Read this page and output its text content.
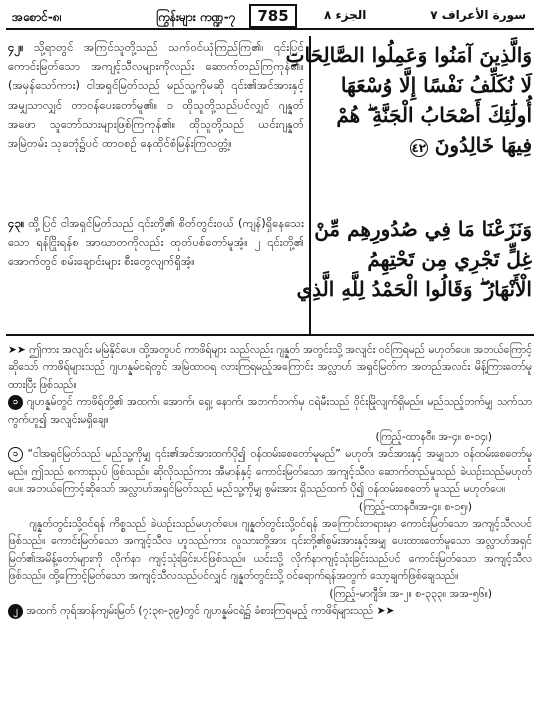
အစောင်-၈၊	ကြွန်းများ ကဏ္ဍ-၇	785	الجزء ٨	سورة الأعراف ٧
၄၂။ သို့ရာတွင် အကြင်သူတို့သည် သက်ဝင်ယုံကြည်ကြ၏၊ ၎င်းပြင် ကောင်းမြတ်သော အကျင့်သီလများကိုလည်း ဆောက်တည်ကြကုန်၏။ (အမှန်သော်ကား) ငါအရှင်မြတ်သည် မည်သူ့ကိုမဆို ၎င်း၏အင်အားနှင့်အမျှသာလျှင် တာဝန်ပေးတော်မူ၏။ ၁ ထိုသူတို့သည်ပင်လျှင် ဂျန္နတ်အဖော သူဘော်သားများဖြစ်ကြကုန်၏။ ထိုသူတို့သည် ယင်းဂျန္နတ်အမြဲတမ်း သုခဘုံ၌ပင် ထာဝစဉ် နေထိုင်စံမြန်းကြလတ္တံ့။
၄၃။ ထို့ပြင် ငါအရှင်မြတ်သည် ၎င်းတို့၏ စိတ်တွင်းဝယ် (ကျန်)ရှိနေသေးသော ရန်ငြိုးရန်စ အာဃာတကိုလည်း ထုတ်ပစ်တော်မူအံ့။ ၂ ၎င်းတို့၏ အောက်တွင် စမ်းချောင်းများ စီးတွေလျက်ရှိအံ့။
وَالَّذِينَ آمَنُوا وَعَمِلُوا الصَّالِحَاتِ
لَا نُكَلِّفُ نَفْسًا إِلَّا وُسْعَهَا
أُولَٰئِكَ أَصْحَابُ الْجَنَّةِ ۖ هُمْ
فِيهَا خَالِدُونَ ٤٢
وَنَزَعْنَا مَا فِي صُدُورِهِم مِّنْ
غِلٍّ تَجْرِي مِن تَحْتِهِمُ
الْأَنْهَارُ ۖ وَقَالُوا الْحَمْدُ لِلَّهِ الَّذِي

➤➤ ဤကား အလျင်း မမြဲနိုင်ပေ။ ထို့အတူပင် ကာဖိရ်များ သည်လည်း ဂျန္နတ် အတွင်းသို့ အလျင်း ဝင်ကြရမည် မဟုတ်ပေ။ အဘယ်ကြောင့်ဆိုသော် ကာဖိရ်များသည် ဂျဟန္နမ်ငရဲတွင် အမြဲထာဝရ လားကြရမည့်အကြောင်း အလ္လာဟ် အရှင်မြတ်က အတည်အလင်း မိန့်ကြားတော်မူထားပြီး ဖြစ်သည်။

၁ ဂျဟန္နမ်တွင် ကာဖိရ်တို့၏ အထက်၊ အောက်၊ ရှေ့၊ နောက်၊ အဘက်ဘက်မှ ငရဲမီးသည် ဝိုင်းမြိုလျက်ရှိမည်။ မည်သည့်ဘက်မျှ သက်သာကွက်ဟူ၍ အလျင်းမရှိချေ။

(ကြည့်-ထာနဝီ။ အ-၄။ စ-၁၄၊)

၁ “ငါအရှင်မြတ်သည် မည်သူ့ကိုမျှ ၎င်း၏အင်အားထက်ပို၍ ဝန်ထမ်းစေတော်မူမည်” မဟုတ်၊ အင်အားနှင့် အမျှသာ ဝန်ထမ်းစေတော်မူမည်။ ဤသည် စကားညှပ် ဖြစ်သည်။ ဆိုလိုသည်ကား အီမာန်နှင့် ကောင်းမြတ်သော အကျင့်သီလ ဆောက်တည်မှုသည် ခဲယဉ်းသည်မဟုတ်ပေ။ အဘယ်ကြောင့်ဆိုသော် အလ္လာဟ်အရှင်မြတ်သည် မည်သူ့ကိုမျှ စွမ်းအား ရှိသည်ထက် ပို၍ ဝန်ထမ်းစေတော် မူသည် မဟုတ်ပေ။

(ကြည့်-ထာနဝီ။အ-၄။ စ-၁၅၊)

  ဂျန္နတ်တွင်းသို့ဝင်ရန် ကိစ္စသည် ခဲယဉ်းသည်မဟုတ်ပေ။ ဂျန္နတ်တွင်းသို့ဝင်ရန် အကြောင်းတရားမှာ ကောင်းမြတ်သော အကျင့်သီလပင် ဖြစ်သည်။ ကောင်းမြတ်သော အကျင့်သီလ ဟူသည်ကား လူသားတို့အား ၎င်းတို့၏စွမ်းအားနှင့်အမျှ ပေးထားတော်မူသော အလ္လာဟ်အရှင်မြတ်၏အမိန့်တော်များကို လိုက်နာ ကျင့်သုံးခြင်းပင်ဖြစ်သည်။ ယင်းသို့ လိုက်နာကျင့်သုံးခြင်းသည်ပင် ကောင်းမြတ်သော အကျင့်သီလဖြစ်သည်။ ထို့ကြောင့်မြတ်သော အကျင့်သီလသည်ပင်လျှင် ဂျန္နတ်တွင်းသို့ ဝင်ရောက်ရန်အတွက် သော့ချက်ဖြစ်ချေသည်။

(ကြည့်-မာဂျီဒ်။ အ-၂။ စ-၃၃၃။ အအ-၅၆။)

၂ အထက် ကုရ်အာန်ကျမ်းမြတ် (၇:၃၈-၃၉)တွင် ဂျဟန္နမ်ငရဲ၌ ခံစားကြရမည့် ကာဖိရ်များသည် ➤➤
